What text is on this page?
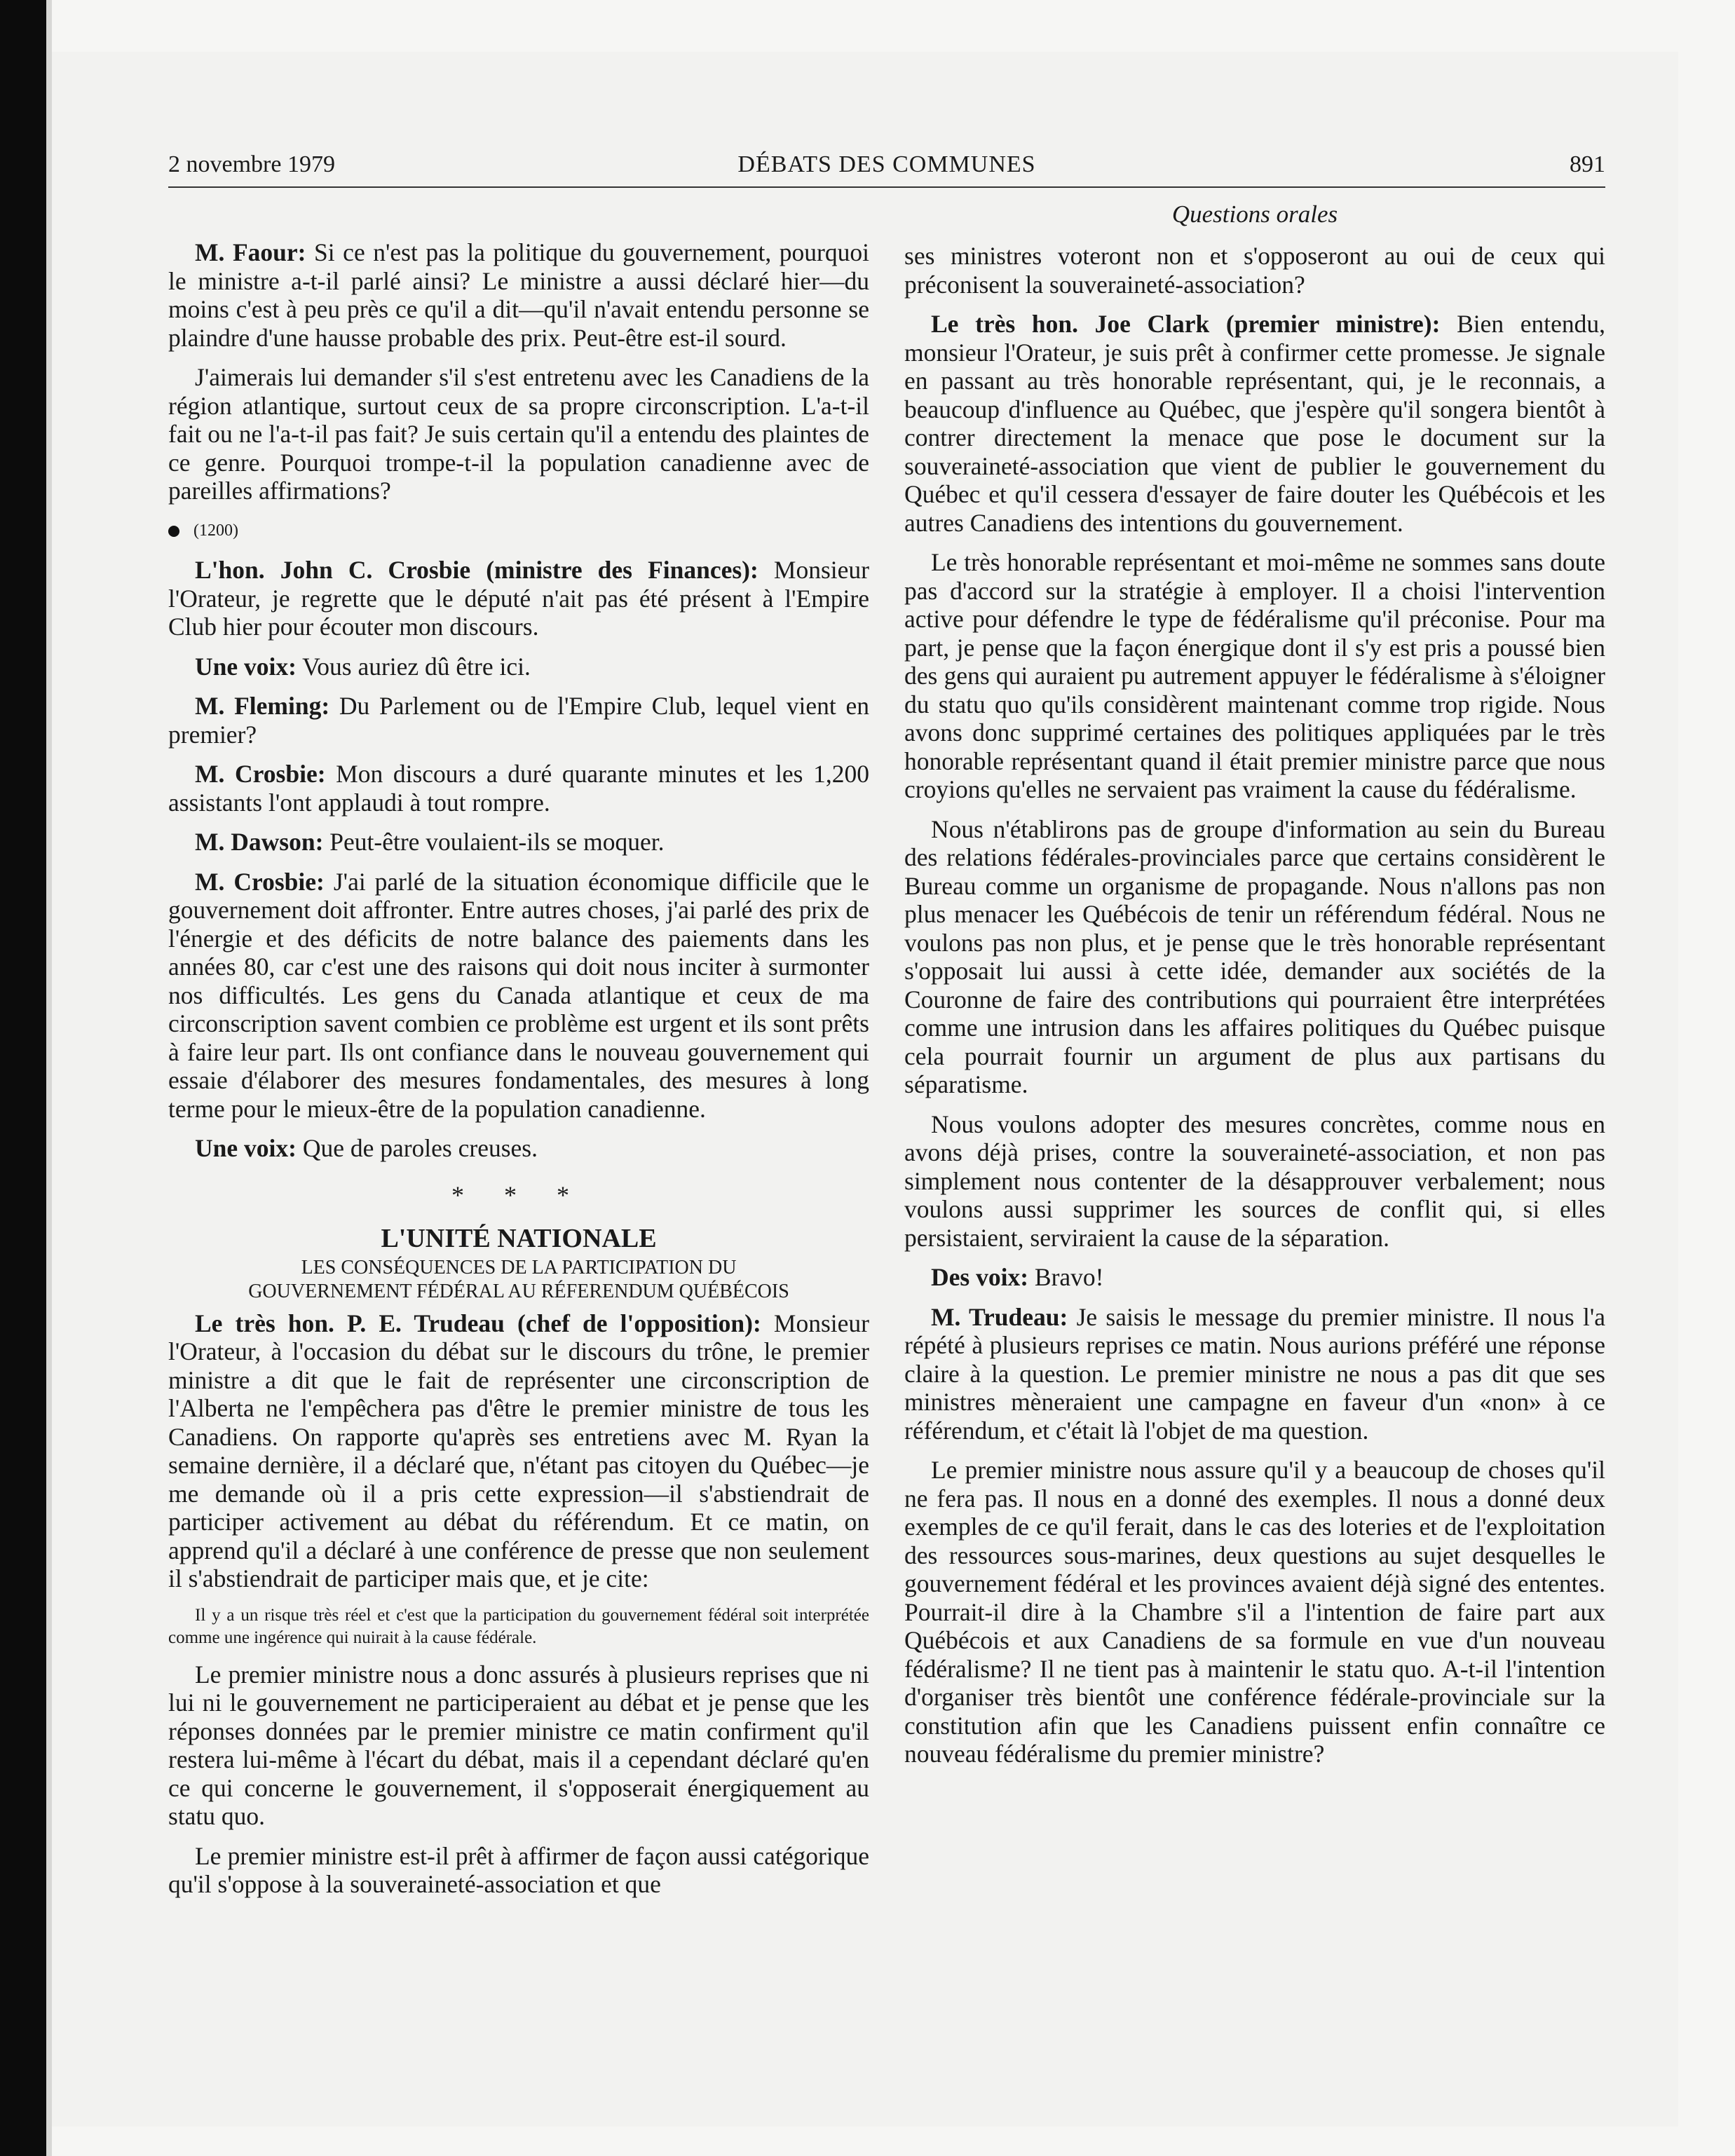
2 novembre 1979	DÉBATS DES COMMUNES	891
Questions orales

M. Faour: Si ce n'est pas la politique du gouvernement, pourquoi le ministre a-t-il parlé ainsi? Le ministre a aussi déclaré hier—du moins c'est à peu près ce qu'il a dit—qu'il n'avait entendu personne se plaindre d'une hausse probable des prix. Peut-être est-il sourd.

J'aimerais lui demander s'il s'est entretenu avec les Canadiens de la région atlantique, surtout ceux de sa propre circonscription. L'a-t-il fait ou ne l'a-t-il pas fait? Je suis certain qu'il a entendu des plaintes de ce genre. Pourquoi trompe-t-il la population canadienne avec de pareilles affirmations?

(1200)

L'hon. John C. Crosbie (ministre des Finances): Monsieur l'Orateur, je regrette que le député n'ait pas été présent à l'Empire Club hier pour écouter mon discours.

Une voix: Vous auriez dû être ici.

M. Fleming: Du Parlement ou de l'Empire Club, lequel vient en premier?

M. Crosbie: Mon discours a duré quarante minutes et les 1,200 assistants l'ont applaudi à tout rompre.

M. Dawson: Peut-être voulaient-ils se moquer.

M. Crosbie: J'ai parlé de la situation économique difficile que le gouvernement doit affronter. Entre autres choses, j'ai parlé des prix de l'énergie et des déficits de notre balance des paiements dans les années 80, car c'est une des raisons qui doit nous inciter à surmonter nos difficultés. Les gens du Canada atlantique et ceux de ma circonscription savent combien ce problème est urgent et ils sont prêts à faire leur part. Ils ont confiance dans le nouveau gouvernement qui essaie d'élaborer des mesures fondamentales, des mesures à long terme pour le mieux-être de la population canadienne.

Une voix: Que de paroles creuses.

* * *
L'UNITÉ NATIONALE
LES CONSÉQUENCES DE LA PARTICIPATION DU
GOUVERNEMENT FÉDÉRAL AU RÉFERENDUM QUÉBÉCOIS

Le très hon. P. E. Trudeau (chef de l'opposition): Monsieur l'Orateur, à l'occasion du débat sur le discours du trône, le premier ministre a dit que le fait de représenter une circonscription de l'Alberta ne l'empêchera pas d'être le premier ministre de tous les Canadiens. On rapporte qu'après ses entretiens avec M. Ryan la semaine dernière, il a déclaré que, n'étant pas citoyen du Québec—je me demande où il a pris cette expression—il s'abstiendrait de participer activement au débat du référendum. Et ce matin, on apprend qu'il a déclaré à une conférence de presse que non seulement il s'abstiendrait de participer mais que, et je cite:

Il y a un risque très réel et c'est que la participation du gouvernement fédéral soit interprétée comme une ingérence qui nuirait à la cause fédérale.

Le premier ministre nous a donc assurés à plusieurs reprises que ni lui ni le gouvernement ne participeraient au débat et je pense que les réponses données par le premier ministre ce matin confirment qu'il restera lui-même à l'écart du débat, mais il a cependant déclaré qu'en ce qui concerne le gouvernement, il s'opposerait énergiquement au statu quo.

Le premier ministre est-il prêt à affirmer de façon aussi catégorique qu'il s'oppose à la souveraineté-association et que

ses ministres voteront non et s'opposeront au oui de ceux qui préconisent la souveraineté-association?

Le très hon. Joe Clark (premier ministre): Bien entendu, monsieur l'Orateur, je suis prêt à confirmer cette promesse. Je signale en passant au très honorable représentant, qui, je le reconnais, a beaucoup d'influence au Québec, que j'espère qu'il songera bientôt à contrer directement la menace que pose le document sur la souveraineté-association que vient de publier le gouvernement du Québec et qu'il cessera d'essayer de faire douter les Québécois et les autres Canadiens des intentions du gouvernement.

Le très honorable représentant et moi-même ne sommes sans doute pas d'accord sur la stratégie à employer. Il a choisi l'intervention active pour défendre le type de fédéralisme qu'il préconise. Pour ma part, je pense que la façon énergique dont il s'y est pris a poussé bien des gens qui auraient pu autrement appuyer le fédéralisme à s'éloigner du statu quo qu'ils considèrent maintenant comme trop rigide. Nous avons donc supprimé certaines des politiques appliquées par le très honorable représentant quand il était premier ministre parce que nous croyions qu'elles ne servaient pas vraiment la cause du fédéralisme.

Nous n'établirons pas de groupe d'information au sein du Bureau des relations fédérales-provinciales parce que certains considèrent le Bureau comme un organisme de propagande. Nous n'allons pas non plus menacer les Québécois de tenir un référendum fédéral. Nous ne voulons pas non plus, et je pense que le très honorable représentant s'opposait lui aussi à cette idée, demander aux sociétés de la Couronne de faire des contributions qui pourraient être interprétées comme une intrusion dans les affaires politiques du Québec puisque cela pourrait fournir un argument de plus aux partisans du séparatisme.

Nous voulons adopter des mesures concrètes, comme nous en avons déjà prises, contre la souveraineté-association, et non pas simplement nous contenter de la désapprouver verbalement; nous voulons aussi supprimer les sources de conflit qui, si elles persistaient, serviraient la cause de la séparation.

Des voix: Bravo!

M. Trudeau: Je saisis le message du premier ministre. Il nous l'a répété à plusieurs reprises ce matin. Nous aurions préféré une réponse claire à la question. Le premier ministre ne nous a pas dit que ses ministres mèneraient une campagne en faveur d'un «non» à ce référendum, et c'était là l'objet de ma question.

Le premier ministre nous assure qu'il y a beaucoup de choses qu'il ne fera pas. Il nous en a donné des exemples. Il nous a donné deux exemples de ce qu'il ferait, dans le cas des loteries et de l'exploitation des ressources sous-marines, deux questions au sujet desquelles le gouvernement fédéral et les provinces avaient déjà signé des ententes. Pourrait-il dire à la Chambre s'il a l'intention de faire part aux Québécois et aux Canadiens de sa formule en vue d'un nouveau fédéralisme? Il ne tient pas à maintenir le statu quo. A-t-il l'intention d'organiser très bientôt une conférence fédérale-provinciale sur la constitution afin que les Canadiens puissent enfin connaître ce nouveau fédéralisme du premier ministre?
